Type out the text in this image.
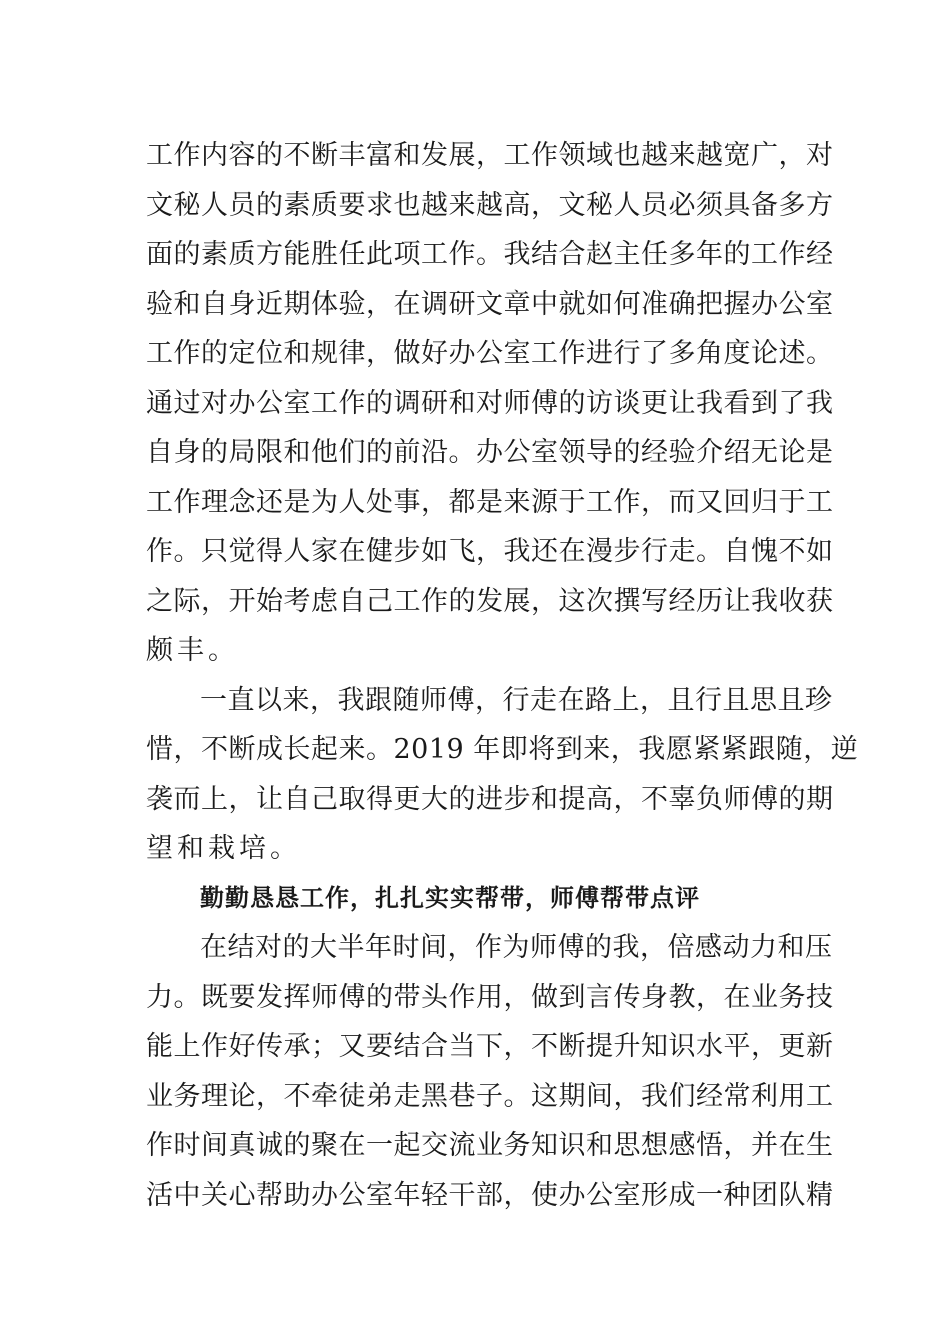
工作内容的不断丰富和发展，工作领域也越来越宽广，对
文秘人员的素质要求也越来越高，文秘人员必须具备多方
面的素质方能胜任此项工作。我结合赵主任多年的工作经
验和自身近期体验，在调研文章中就如何准确把握办公室
工作的定位和规律，做好办公室工作进行了多角度论述。
通过对办公室工作的调研和对师傅的访谈更让我看到了我
自身的局限和他们的前沿。办公室领导的经验介绍无论是
工作理念还是为人处事，都是来源于工作，而又回归于工
作。只觉得人家在健步如飞，我还在漫步行走。自愧不如
之际，开始考虑自己工作的发展，这次撰写经历让我收获
颇丰。
一直以来，我跟随师傅，行走在路上，且行且思且珍
惜，不断成长起来。2019 年即将到来，我愿紧紧跟随，逆
袭而上，让自己取得更大的进步和提高，不辜负师傅的期
望和栽培。
勤勤恳恳工作，扎扎实实帮带，师傅帮带点评
在结对的大半年时间，作为师傅的我，倍感动力和压
力。既要发挥师傅的带头作用，做到言传身教，在业务技
能上作好传承；又要结合当下，不断提升知识水平，更新
业务理论，不牵徒弟走黑巷子。这期间，我们经常利用工
作时间真诚的聚在一起交流业务知识和思想感悟，并在生
活中关心帮助办公室年轻干部，使办公室形成一种团队精
